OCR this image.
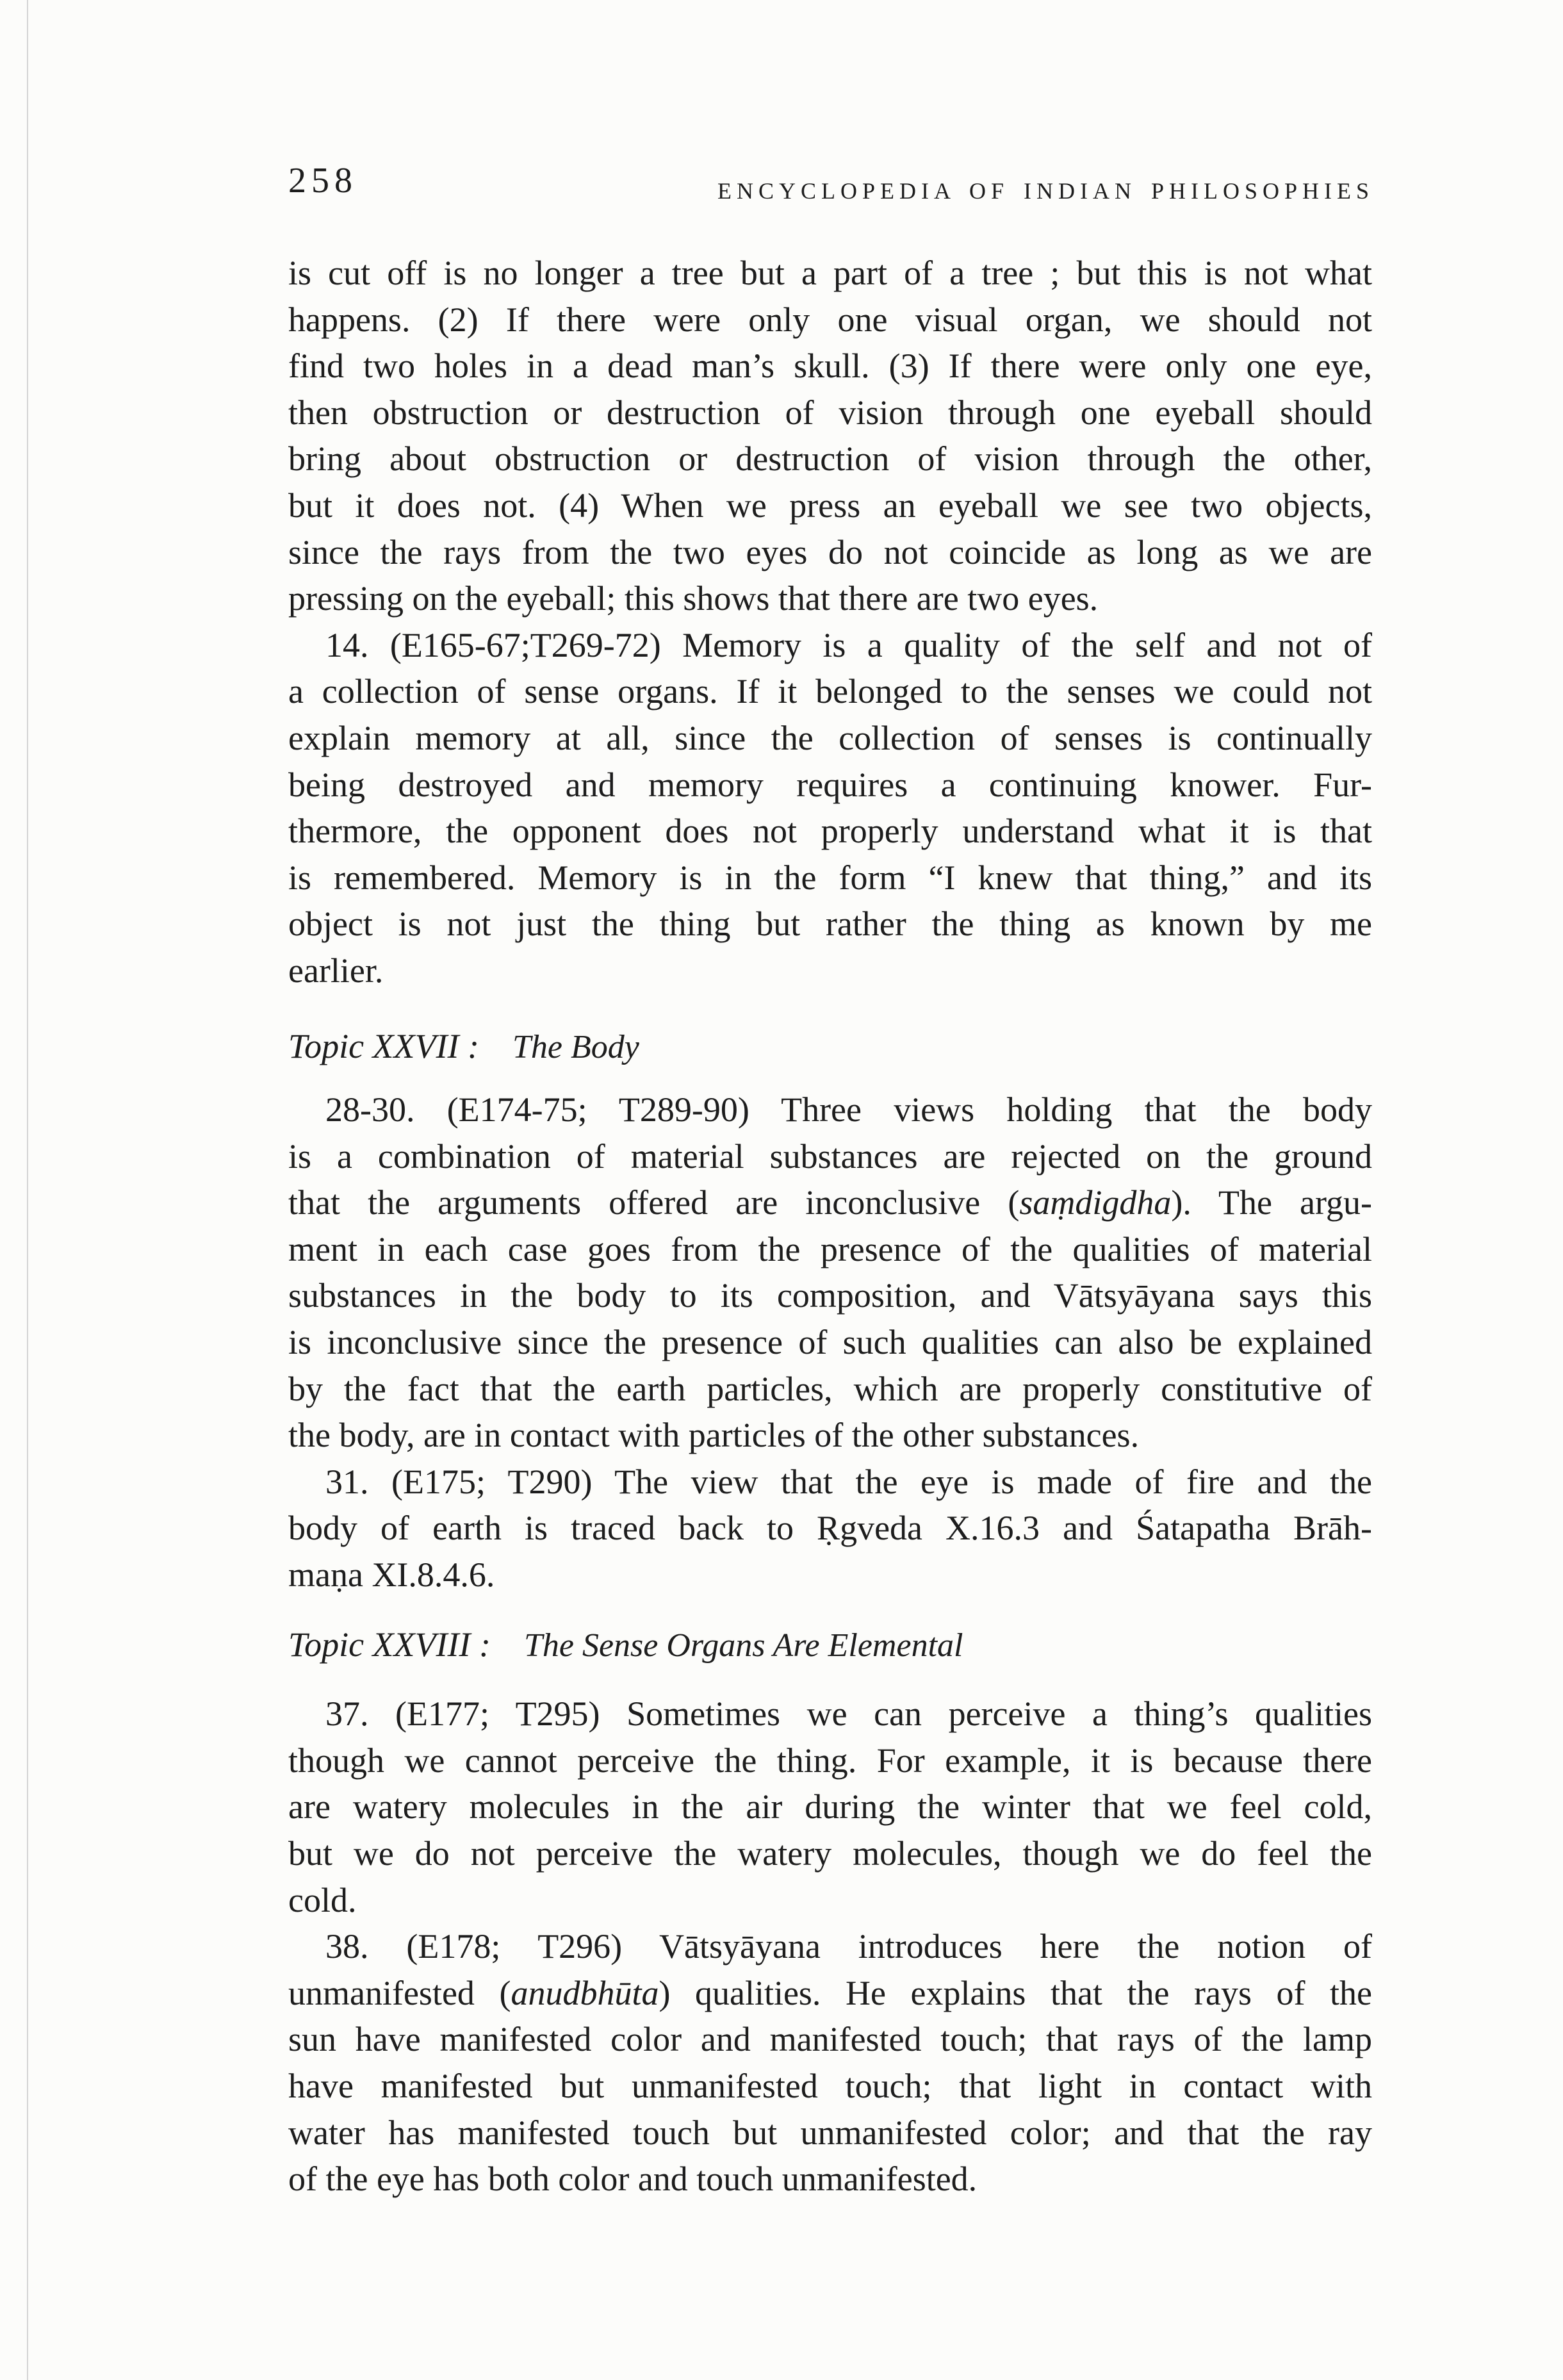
258	ENCYCLOPEDIA OF INDIAN PHILOSOPHIES
is cut off is no longer a tree but a part of a tree ; but this is not what
happens. (2) If there were only one visual organ, we should not
find two holes in a dead man’s skull. (3) If there were only one eye,
then obstruction or destruction of vision through one eyeball should
bring about obstruction or destruction of vision through the other,
but it does not. (4) When we press an eyeball we see two objects,
since the rays from the two eyes do not coincide as long as we are
pressing on the eyeball; this shows that there are two eyes.
14. (E165-67;T269-72) Memory is a quality of the self and not of
a collection of sense organs. If it belonged to the senses we could not
explain memory at all, since the collection of senses is continually
being destroyed and memory requires a continuing knower. Fur-
thermore, the opponent does not properly understand what it is that
is remembered. Memory is in the form “I knew that thing,” and its
object is not just the thing but rather the thing as known by me
earlier.
Topic XXVII : The Body
28-30. (E174-75; T289-90) Three views holding that the body
is a combination of material substances are rejected on the ground
that the arguments offered are inconclusive (saṃdigdha). The argu-
ment in each case goes from the presence of the qualities of material
substances in the body to its composition, and Vātsyāyana says this
is inconclusive since the presence of such qualities can also be explained
by the fact that the earth particles, which are properly constitutive of
the body, are in contact with particles of the other substances.
31. (E175; T290) The view that the eye is made of fire and the
body of earth is traced back to Ṛgveda X.16.3 and Śatapatha Brāh-
maṇa XI.8.4.6.
Topic XXVIII : The Sense Organs Are Elemental
37. (E177; T295) Sometimes we can perceive a thing’s qualities
though we cannot perceive the thing. For example, it is because there
are watery molecules in the air during the winter that we feel cold,
but we do not perceive the watery molecules, though we do feel the
cold.
38. (E178; T296) Vātsyāyana introduces here the notion of
unmanifested (anudbhūta) qualities. He explains that the rays of the
sun have manifested color and manifested touch; that rays of the lamp
have manifested but unmanifested touch; that light in contact with
water has manifested touch but unmanifested color; and that the ray
of the eye has both color and touch unmanifested.
